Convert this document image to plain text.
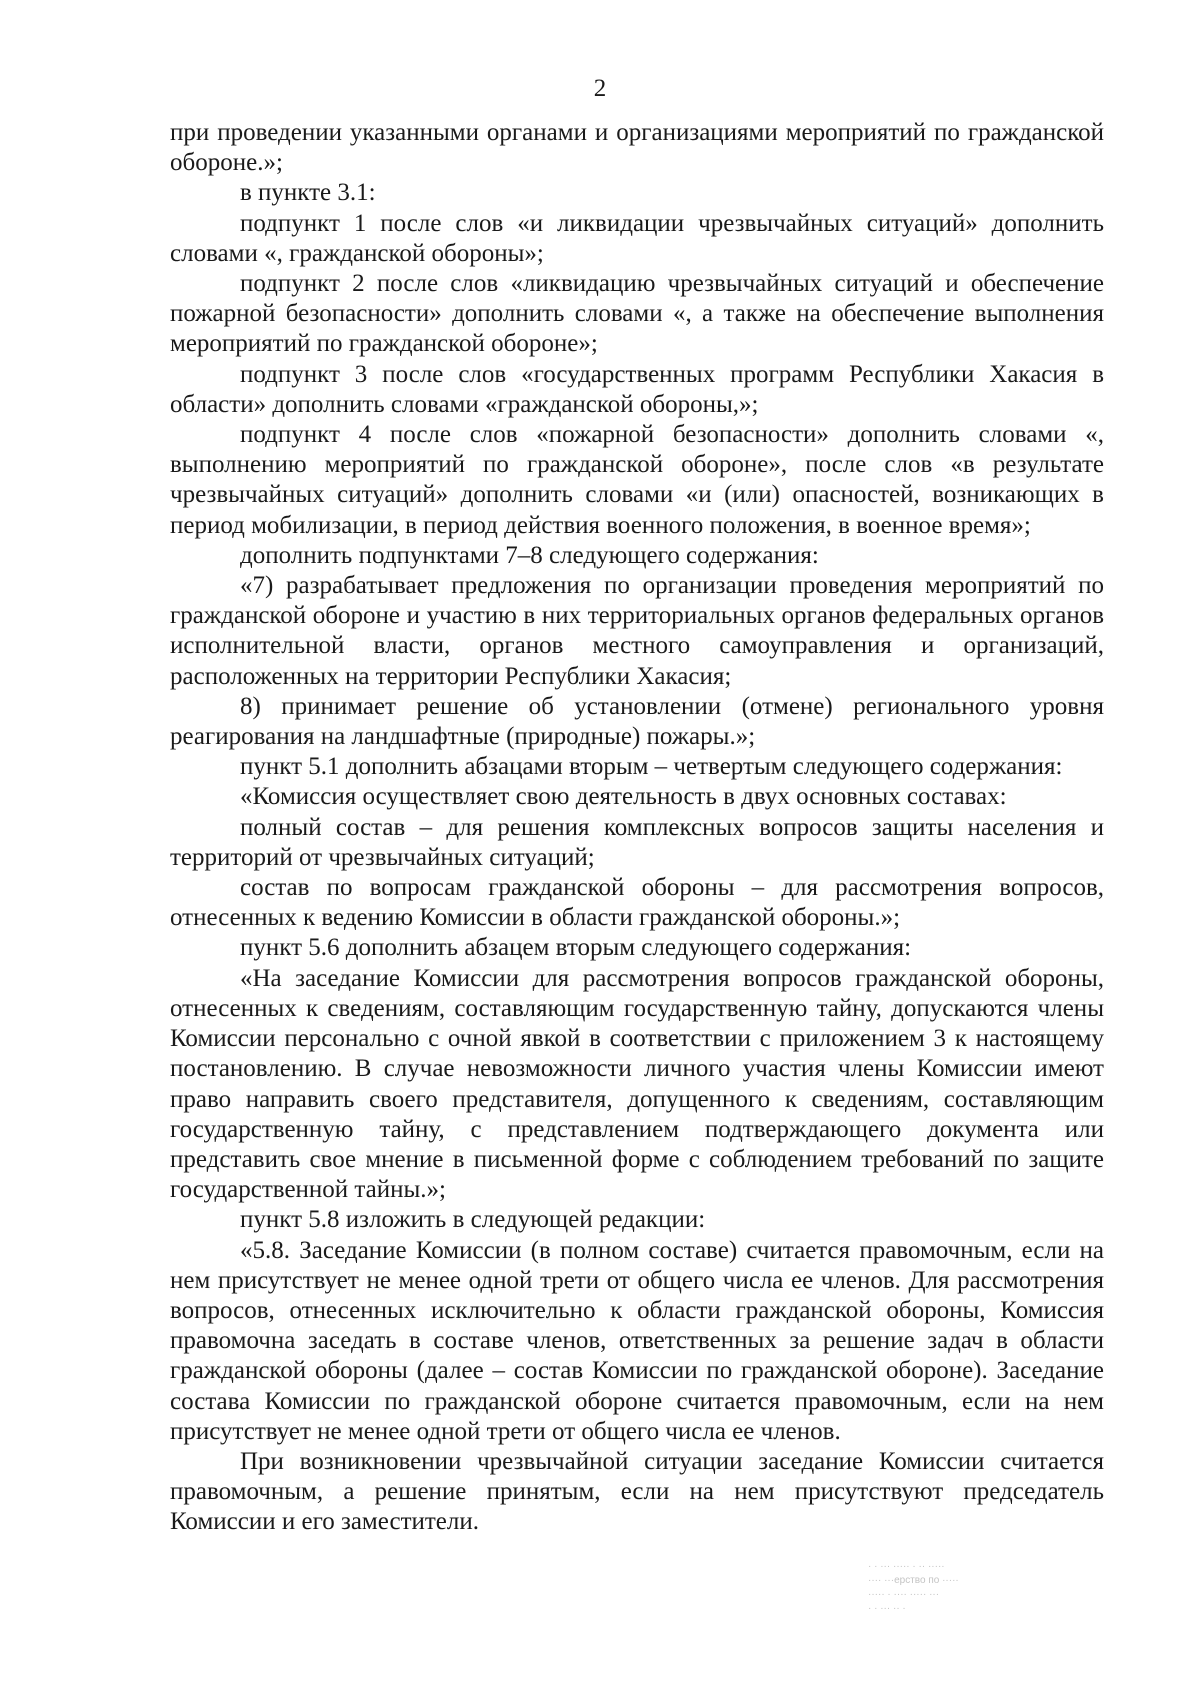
2

при проведении указанными органами и организациями мероприятий по гражданской обороне.»;

в пункте 3.1:

подпункт 1 после слов «и ликвидации чрезвычайных ситуаций» дополнить словами «, гражданской обороны»;

подпункт 2 после слов «ликвидацию чрезвычайных ситуаций и обеспечение пожарной безопасности» дополнить словами «, а также на обеспечение выполнения мероприятий по гражданской обороне»;

подпункт 3 после слов «государственных программ Республики Хакасия в области» дополнить словами «гражданской обороны,»;

подпункт 4 после слов «пожарной безопасности» дополнить словами «, выполнению мероприятий по гражданской обороне», после слов «в результате чрезвычайных ситуаций» дополнить словами «и (или) опасностей, возникающих в период мобилизации, в период действия военного положения, в военное время»;

дополнить подпунктами 7–8 следующего содержания:

«7) разрабатывает предложения по организации проведения мероприятий по гражданской обороне и участию в них территориальных органов федеральных органов исполнительной власти, органов местного самоуправления и организаций, расположенных на территории Республики Хакасия;

8) принимает решение об установлении (отмене) регионального уровня реагирования на ландшафтные (природные) пожары.»;

пункт 5.1 дополнить абзацами вторым – четвертым следующего содержания:

«Комиссия осуществляет свою деятельность в двух основных составах:

полный состав – для решения комплексных вопросов защиты населения и территорий от чрезвычайных ситуаций;

состав по вопросам гражданской обороны – для рассмотрения вопросов, отнесенных к ведению Комиссии в области гражданской обороны.»;

пункт 5.6 дополнить абзацем вторым следующего содержания:

«На заседание Комиссии для рассмотрения вопросов гражданской обороны, отнесенных к сведениям, составляющим государственную тайну, допускаются члены Комиссии персонально с очной явкой в соответствии с приложением 3 к настоящему постановлению. В случае невозможности личного участия члены Комиссии имеют право направить своего представителя, допущенного к сведениям, составляющим государственную тайну, с представлением подтверждающего документа или представить свое мнение в письменной форме с соблюдением требований по защите государственной тайны.»;

пункт 5.8 изложить в следующей редакции:

«5.8. Заседание Комиссии (в полном составе) считается правомочным, если на нем присутствует не менее одной трети от общего числа ее членов. Для рассмотрения вопросов, отнесенных исключительно к области гражданской обороны, Комиссия правомочна заседать в составе членов, ответственных за решение задач в области гражданской обороны (далее – состав Комиссии по гражданской обороне). Заседание состава Комиссии по гражданской обороне считается правомочным, если на нем присутствует не менее одной трети от общего числа ее членов.

При возникновении чрезвычайной ситуации заседание Комиссии считается правомочным, а решение принятым, если на нем присутствуют председатель Комиссии и его заместители.

· · ··· ····· · ·· ·····
···· ···ерство по ·····
····· · ···· ····· ···
· · ··· ·· ·
